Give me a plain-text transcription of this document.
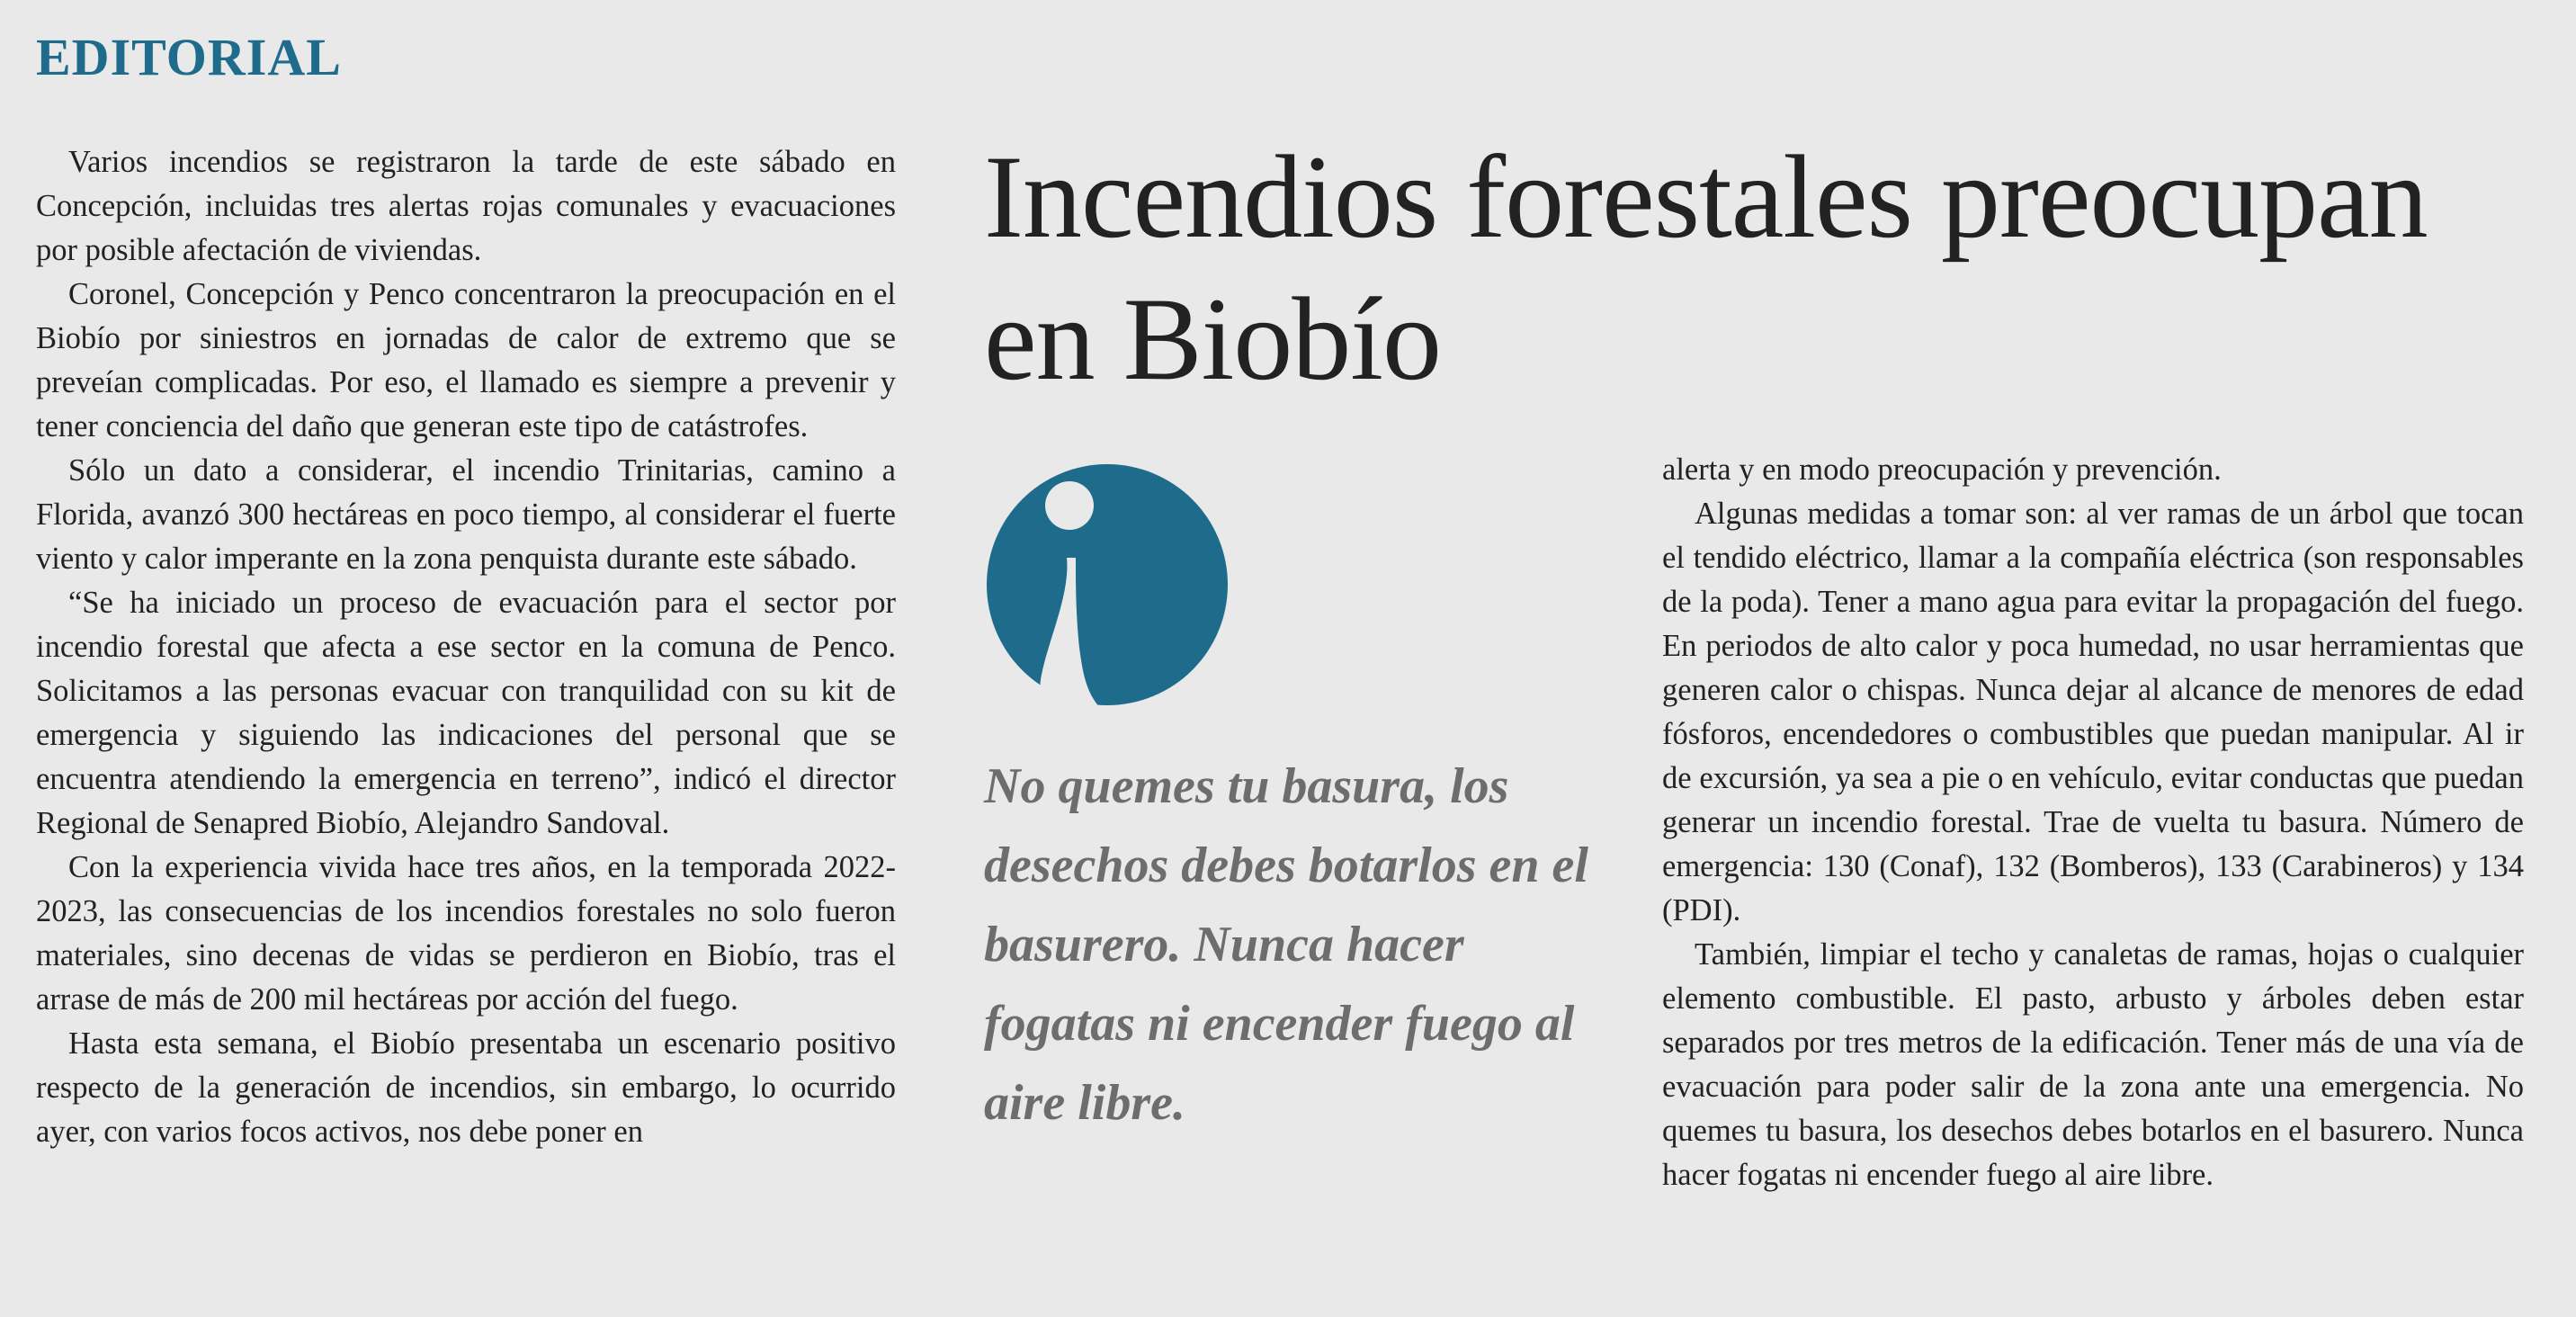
EDITORIAL

Varios incendios se registraron la tarde de este sábado en Concepción, incluidas tres alertas rojas comunales y evacuaciones por posible afectación de viviendas.

Coronel, Concepción y Penco concentraron la preocupación en el Biobío por siniestros en jornadas de calor de extremo que se preveían complicadas. Por eso, el llamado es siempre a prevenir y tener conciencia del daño que generan este tipo de catástrofes.

Sólo un dato a considerar, el incendio Trinitarias, camino a Florida, avanzó 300 hectáreas en poco tiempo, al considerar el fuerte viento y calor imperante en la zona penquista durante este sábado.

“Se ha iniciado un proceso de evacuación para el sector por incendio forestal que afecta a ese sector en la comuna de Penco. Solicitamos a las personas evacuar con tranquilidad con su kit de emergencia y siguiendo las indicaciones del personal que se encuentra atendiendo la emergencia en terreno”, indicó el director Regional de Senapred Biobío, Alejandro Sandoval.

Con la experiencia vivida hace tres años, en la temporada 2022-2023, las consecuencias de los incendios forestales no solo fueron materiales, sino decenas de vidas se perdieron en Biobío, tras el arrase de más de 200 mil hectáreas por acción del fuego.

Hasta esta semana, el Biobío presentaba un escenario positivo respecto de la generación de incendios, sin embargo, lo ocurrido ayer, con varios focos activos, nos debe poner en

Incendios forestales preocupan en Biobío

No quemes tu basura, los desechos debes botarlos en el basurero. Nunca hacer fogatas ni encender fuego al aire libre.

alerta y en modo preocupación y prevención.

Algunas medidas a tomar son: al ver ramas de un árbol que tocan el tendido eléctrico, llamar a la compañía eléctrica (son responsables de la poda). Tener a mano agua para evitar la propagación del fuego. En periodos de alto calor y poca humedad, no usar herramientas que generen calor o chispas. Nunca dejar al alcance de menores de edad fósforos, encendedores o combustibles que puedan manipular. Al ir de excursión, ya sea a pie o en vehículo, evitar conductas que puedan generar un incendio forestal. Trae de vuelta tu basura. Número de emergencia: 130 (Conaf), 132 (Bomberos), 133 (Carabineros) y 134 (PDI).

También, limpiar el techo y canaletas de ramas, hojas o cualquier elemento combustible. El pasto, arbusto y árboles deben estar separados por tres metros de la edificación. Tener más de una vía de evacuación para poder salir de la zona ante una emergencia. No quemes tu basura, los desechos debes botarlos en el basurero. Nunca hacer fogatas ni encender fuego al aire libre.
